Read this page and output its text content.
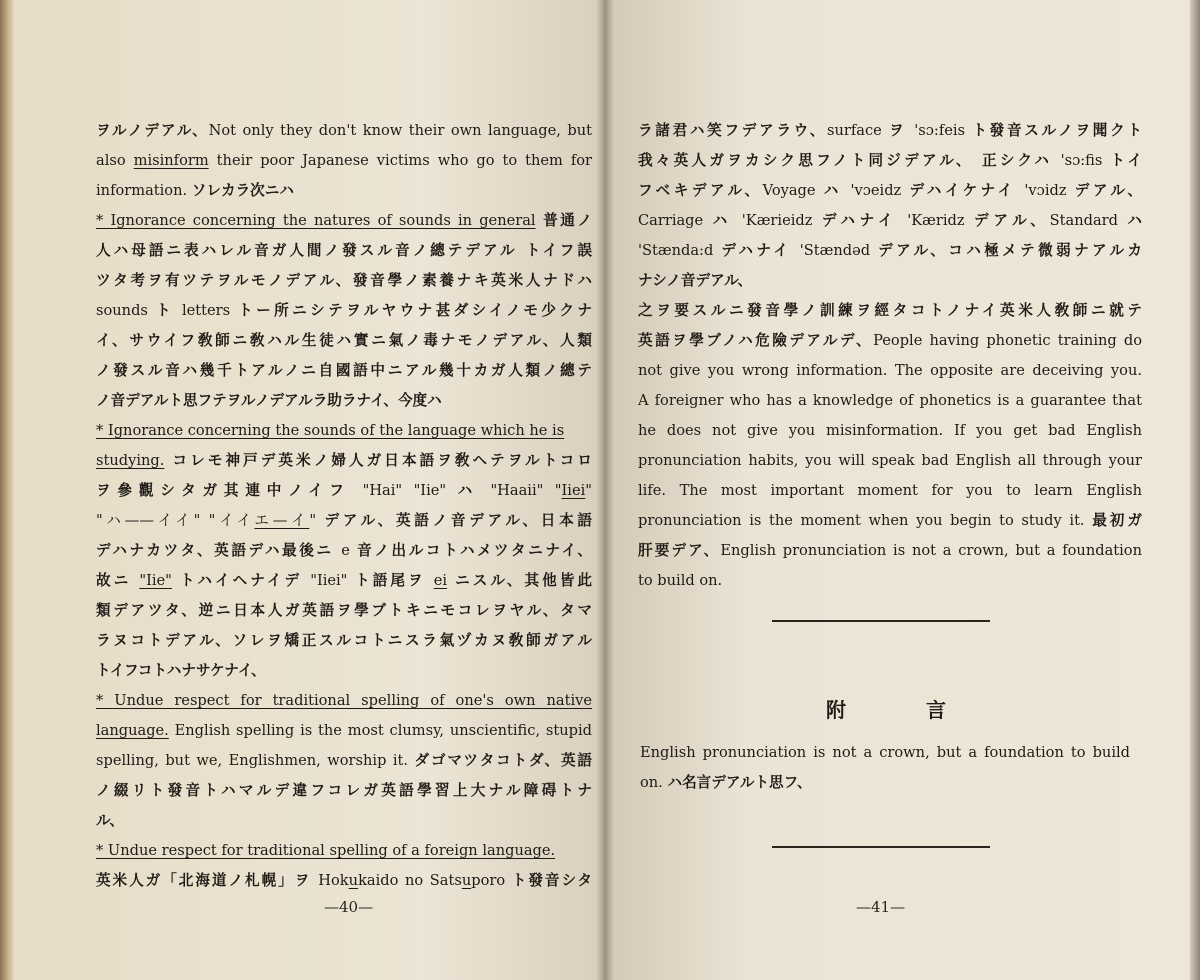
ヲルノデアル、Not only they don't know their own language, but
also misinform their poor Japanese victims who go to them for
information. ソレカラ次ニハ
* Ignorance concerning the natures of sounds in general 普通ノ
人ハ母語ニ表ハレル音ガ人間ノ發スル音ノ總テデアル トイフ誤
ツタ考ヲ有ツテヲルモノデアル、發音學ノ素養ナキ英米人ナドハ
sounds ト letters トー所ニシテヲルヤウナ甚ダシイノモ少クナ
イ、サウイフ敎師ニ敎ハル生徒ハ實ニ氣ノ毒ナモノデアル、人類
ノ發スル音ハ幾千トアルノニ自國語中ニアル幾十カガ人類ノ總テ
ノ音デアルト思フテヲルノデアルラ助ラナイ、今度ハ
* Ignorance concerning the sounds of the language which he is
studying. コレモ神戸デ英米ノ婦人ガ日本語ヲ敎ヘテヲルトコロ
ヲ參觀シタガ其連中ノイフ "Hai" "Iie" ハ "Haaii" "Iiei"
"ハ——イイ" "イイエ—イ" デアル、英語ノ音デアル、日本語
デハナカツタ、英語デハ最後ニ e 音ノ出ルコトハメツタニナイ、
故ニ "Iie" トハイヘナイデ "Iiei" ト語尾ヲ ei ニスル、其他皆此
類デアツタ、逆ニ日本人ガ英語ヲ學ブトキニモコレヲヤル、タマ
ラヌコトデアル、ソレヲ矯正スルコトニスラ氣ヅカヌ敎師ガアル
トイフコトハナサケナイ、
* Undue respect for traditional spelling of one's own native
language. English spelling is the most clumsy, unscientific, stupid
spelling, but we, Englishmen, worship it. ダゴマツタコトダ、英語
ノ綴リト發音トハマルデ違フコレガ英語學習上大ナル障碍トナ
ル、
* Undue respect for traditional spelling of a foreign language.
英米人ガ「北海道ノ札幌」ヲ Hokukaido no Satsuporo ト發音シタ
—40—
ラ諸君ハ笑フデアラウ、surface ヲ 'sɔ:feis ト發音スルノヲ聞クト
我々英人ガヲカシク思フノト同ジデアル、 正シクハ 'sɔ:fis トイ
フベキデアル、Voyage ハ 'vɔeidz デハイケナイ 'vɔidz デアル、
Carriage ハ 'Kærieidz デハナイ 'Kæridz デアル、Standard ハ
'Stænda:d デハナイ 'Stændəd デアル、コハ極メテ微弱ナアルカ
ナシノ音デアル、
之ヲ要スルニ發音學ノ訓練ヲ經タコトノナイ英米人敎師ニ就テ
英語ヲ學ブノハ危險デアルデ、People having phonetic training do
not give you wrong information. The opposite are deceiving you.
A foreigner who has a knowledge of phonetics is a guarantee that
he does not give you misinformation. If you get bad English
pronunciation habits, you will speak bad English all through your
life. The most important moment for you to learn English
pronunciation is the moment when you begin to study it. 最初ガ
肝要デア、English pronunciation is not a crown, but a foundation
to build on.
附	言
English pronunciation is not a crown, but a foundation to build
on. ハ名言デアルト思フ、
—41—
